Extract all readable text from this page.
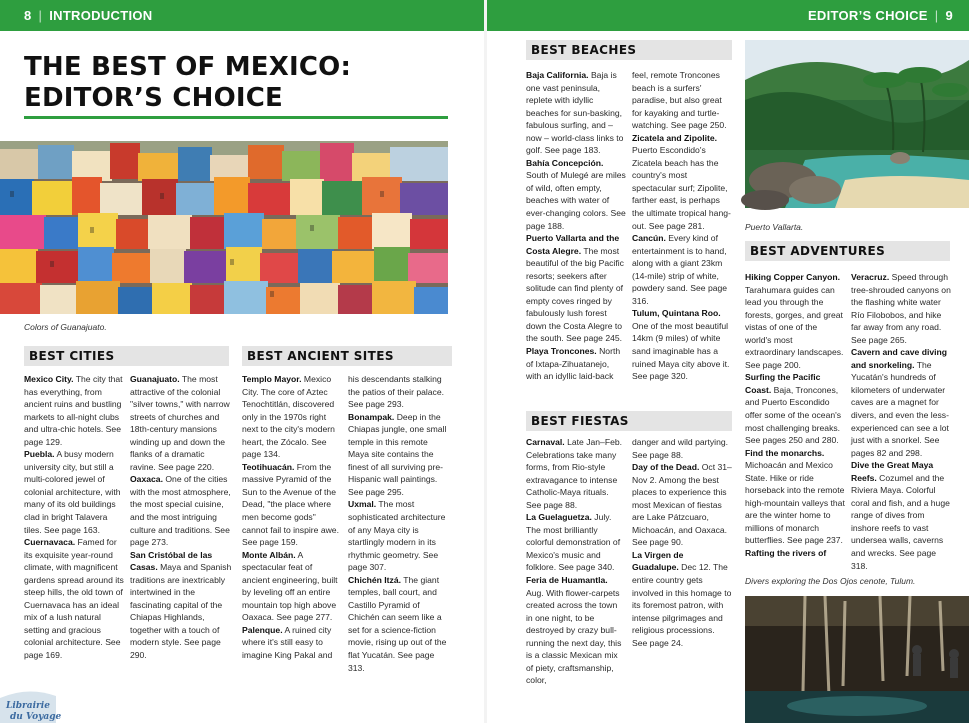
8 | INTRODUCTION	EDITOR’S CHOICE | 9
THE BEST OF MEXICO:
EDITOR’S CHOICE
Colors of Guanajuato.
BEST CITIES	BEST ANCIENT SITES

Mexico City. The city that has everything, from ancient ruins and bustling markets to all-night clubs and ultra-chic hotels. See page 129.

Puebla. A busy modern university city, but still a multi-colored jewel of colonial architecture, with many of its old buildings clad in bright Talavera tiles. See page 163.

Cuernavaca. Famed for its exquisite year-round climate, with magnificent gardens spread around its steep hills, the old town of Cuernavaca has an ideal mix of a lush natural setting and gracious colonial architecture. See page 169.

Guanajuato. The most attractive of the colonial "silver towns," with narrow streets of churches and 18th-century mansions winding up and down the flanks of a dramatic ravine. See page 220.

Oaxaca. One of the cities with the most atmosphere, the most special cuisine, and the most intriguing culture and traditions. See page 273.

San Cristóbal de las Casas. Maya and Spanish traditions are inextricably intertwined in the fascinating capital of the Chiapas Highlands, together with a touch of modern style. See page 290.

Templo Mayor. Mexico City. The core of Aztec Tenochtitlán, discovered only in the 1970s right next to the city's modern heart, the Zócalo. See page 134.

Teotihuacán. From the massive Pyramid of the Sun to the Avenue of the Dead, "the place where men become gods" cannot fail to inspire awe. See page 159.

Monte Albán. A spectacular feat of ancient engineering, built by leveling off an entire mountain top high above Oaxaca. See page 277.

Palenque. A ruined city where it's still easy to imagine King Pakal and

his descendants stalking the patios of their palace. See page 293.

Bonampak. Deep in the Chiapas jungle, one small temple in this remote Maya site contains the finest of all surviving pre-Hispanic wall paintings. See page 295.

Uxmal. The most sophisticated architecture of any Maya city is startlingly modern in its rhythmic geometry. See page 307.

Chichén Itzá. The giant temples, ball court, and Castillo Pyramid of Chichén can seem like a set for a science-fiction movie, rising up out of the flat Yucatán. See page 313.

BEST BEACHES

Baja California. Baja is one vast peninsula, replete with idyllic beaches for sun-basking, fabulous surfing, and – now – world-class links to golf. See page 183.

Bahía Concepción. South of Mulegé are miles of wild, often empty, beaches with water of ever-changing colors. See page 188.

Puerto Vallarta and the Costa Alegre. The most beautiful of the big Pacific resorts; seekers after solitude can find plenty of empty coves ringed by fabulously lush forest down the Costa Alegre to the south. See page 245.

Playa Troncones. North of Ixtapa-Zihuatanejo, with an idyllic laid-back

feel, remote Troncones beach is a surfers' paradise, but also great for kayaking and turtle-watching. See page 250.

Zicatela and Zipolite. Puerto Escondido's Zicatela beach has the country's most spectacular surf; Zipolite, farther east, is perhaps the ultimate tropical hang-out. See page 281.

Cancún. Every kind of entertainment is to hand, along with a giant 23km (14-mile) strip of white, powdery sand. See page 316.

Tulum, Quintana Roo. One of the most beautiful 14km (9 miles) of white sand imaginable has a ruined Maya city above it. See page 320.

BEST FIESTAS

Carnaval. Late Jan–Feb. Celebrations take many forms, from Rio-style extravagance to intense Catholic-Maya rituals. See page 88.

La Guelaguetza. July. The most brilliantly colorful demonstration of Mexico's music and folklore. See page 340.

Feria de Huamantla. Aug. With flower-carpets created across the town in one night, to be destroyed by crazy bull-running the next day, this is a classic Mexican mix of piety, craftsmanship, color,

danger and wild partying. See page 88.

Day of the Dead. Oct 31–Nov 2. Among the best places to experience this most Mexican of fiestas are Lake Pátzcuaro, Michoacán, and Oaxaca. See page 90.

La Virgen de Guadalupe. Dec 12. The entire country gets involved in this homage to its foremost patron, with intense pilgrimages and religious processions. See page 24.

Puerto Vallarta.
BEST ADVENTURES

Hiking Copper Canyon. Tarahumara guides can lead you through the forests, gorges, and great vistas of one of the world's most extraordinary landscapes. See page 200.

Surfing the Pacific Coast. Baja, Troncones, and Puerto Escondido offer some of the ocean's most challenging breaks. See pages 250 and 280.

Find the monarchs. Michoacán and Mexico State. Hike or ride horseback into the remote high-mountain valleys that are the winter home to millions of monarch butterflies. See page 237.

Rafting the rivers of

Veracruz. Speed through tree-shrouded canyons on the flashing white water Río Filobobos, and hike far away from any road. See page 265.

Cavern and cave diving and snorkeling. The Yucatán's hundreds of kilometers of underwater caves are a magnet for divers, and even the less-experienced can see a lot just with a snorkel. See pages 82 and 298.

Dive the Great Maya Reefs. Cozumel and the Riviera Maya. Colorful coral and fish, and a huge range of dives from inshore reefs to vast undersea walls, caverns and wrecks. See page 318.

Divers exploring the Dos Ojos cenote, Tulum.
Librairie
du Voyage
